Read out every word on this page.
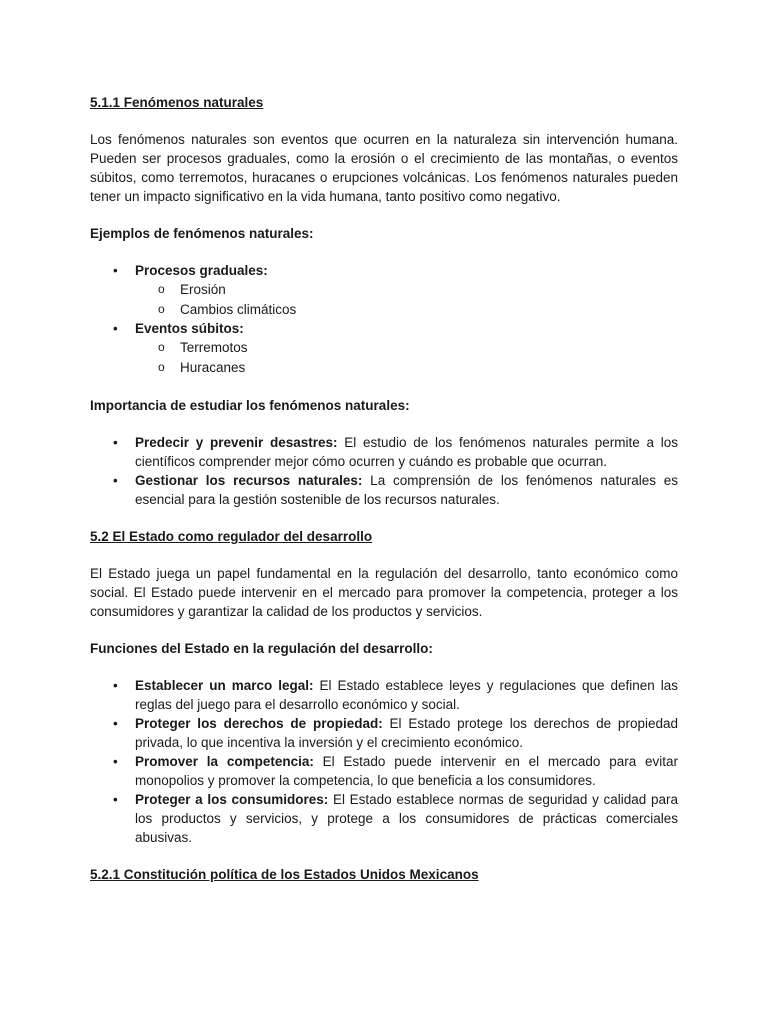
5.1.1 Fenómenos naturales

Los fenómenos naturales son eventos que ocurren en la naturaleza sin intervención humana. Pueden ser procesos graduales, como la erosión o el crecimiento de las montañas, o eventos súbitos, como terremotos, huracanes o erupciones volcánicas. Los fenómenos naturales pueden tener un impacto significativo en la vida humana, tanto positivo como negativo.

Ejemplos de fenómenos naturales:
• Procesos graduales:
o Erosión
o Cambios climáticos
• Eventos súbitos:
o Terremotos
o Huracanes
Importancia de estudiar los fenómenos naturales:
• Predecir y prevenir desastres: El estudio de los fenómenos naturales permite a los científicos comprender mejor cómo ocurren y cuándo es probable que ocurran.
• Gestionar los recursos naturales: La comprensión de los fenómenos naturales es esencial para la gestión sostenible de los recursos naturales.
5.2 El Estado como regulador del desarrollo

El Estado juega un papel fundamental en la regulación del desarrollo, tanto económico como social. El Estado puede intervenir en el mercado para promover la competencia, proteger a los consumidores y garantizar la calidad de los productos y servicios.

Funciones del Estado en la regulación del desarrollo:
• Establecer un marco legal: El Estado establece leyes y regulaciones que definen las reglas del juego para el desarrollo económico y social.
• Proteger los derechos de propiedad: El Estado protege los derechos de propiedad privada, lo que incentiva la inversión y el crecimiento económico.
• Promover la competencia: El Estado puede intervenir en el mercado para evitar monopolios y promover la competencia, lo que beneficia a los consumidores.
• Proteger a los consumidores: El Estado establece normas de seguridad y calidad para los productos y servicios, y protege a los consumidores de prácticas comerciales abusivas.
5.2.1 Constitución política de los Estados Unidos Mexicanos
